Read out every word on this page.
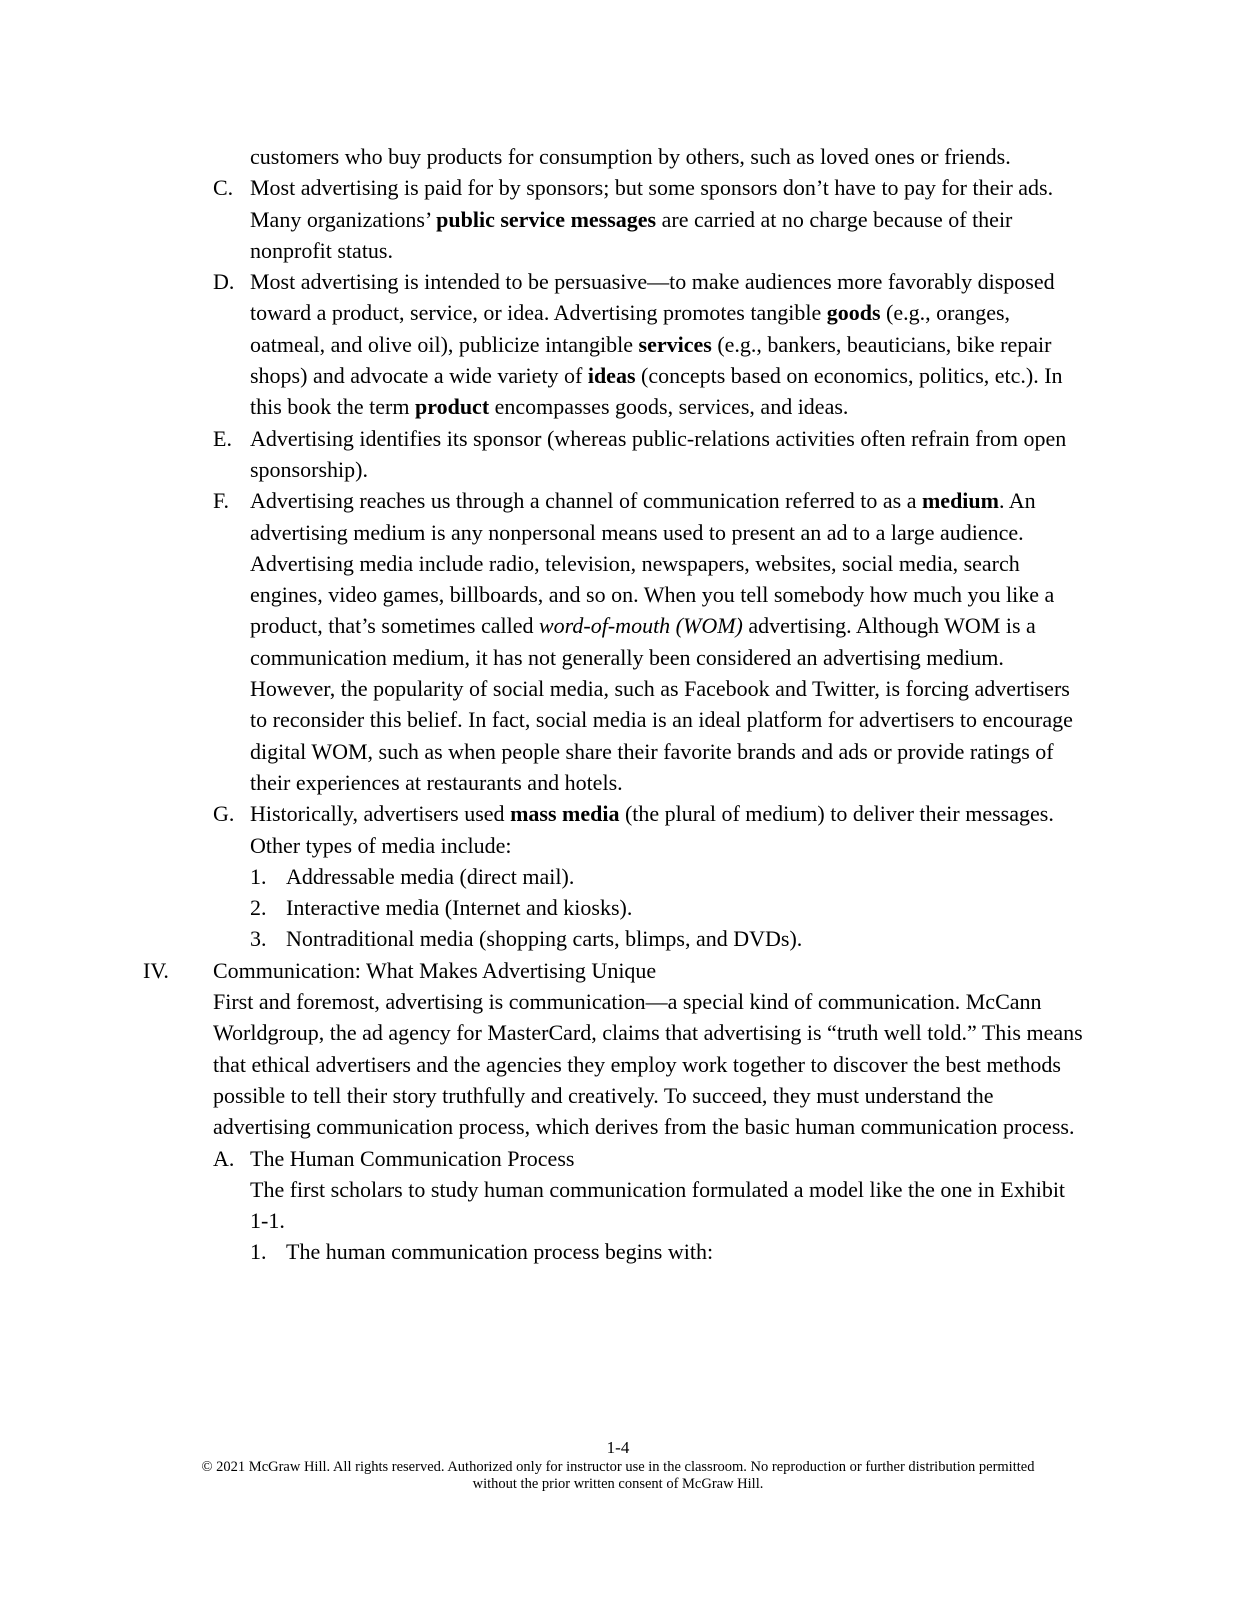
customers who buy products for consumption by others, such as loved ones or friends.
C. Most advertising is paid for by sponsors; but some sponsors don’t have to pay for their ads. Many organizations’ public service messages are carried at no charge because of their nonprofit status.
D. Most advertising is intended to be persuasive—to make audiences more favorably disposed toward a product, service, or idea. Advertising promotes tangible goods (e.g., oranges, oatmeal, and olive oil), publicize intangible services (e.g., bankers, beauticians, bike repair shops) and advocate a wide variety of ideas (concepts based on economics, politics, etc.). In this book the term product encompasses goods, services, and ideas.
E. Advertising identifies its sponsor (whereas public-relations activities often refrain from open sponsorship).
F. Advertising reaches us through a channel of communication referred to as a medium. An advertising medium is any nonpersonal means used to present an ad to a large audience. Advertising media include radio, television, newspapers, websites, social media, search engines, video games, billboards, and so on. When you tell somebody how much you like a product, that’s sometimes called word-of-mouth (WOM) advertising. Although WOM is a communication medium, it has not generally been considered an advertising medium. However, the popularity of social media, such as Facebook and Twitter, is forcing advertisers to reconsider this belief. In fact, social media is an ideal platform for advertisers to encourage digital WOM, such as when people share their favorite brands and ads or provide ratings of their experiences at restaurants and hotels.
G. Historically, advertisers used mass media (the plural of medium) to deliver their messages. Other types of media include:
1. Addressable media (direct mail).
2. Interactive media (Internet and kiosks).
3. Nontraditional media (shopping carts, blimps, and DVDs).
IV. Communication: What Makes Advertising Unique
First and foremost, advertising is communication—a special kind of communication. McCann Worldgroup, the ad agency for MasterCard, claims that advertising is “truth well told.” This means that ethical advertisers and the agencies they employ work together to discover the best methods possible to tell their story truthfully and creatively. To succeed, they must understand the advertising communication process, which derives from the basic human communication process.
A. The Human Communication Process
The first scholars to study human communication formulated a model like the one in Exhibit 1-1.
1. The human communication process begins with:
1-4
© 2021 McGraw Hill. All rights reserved. Authorized only for instructor use in the classroom. No reproduction or further distribution permitted
without the prior written consent of McGraw Hill.
